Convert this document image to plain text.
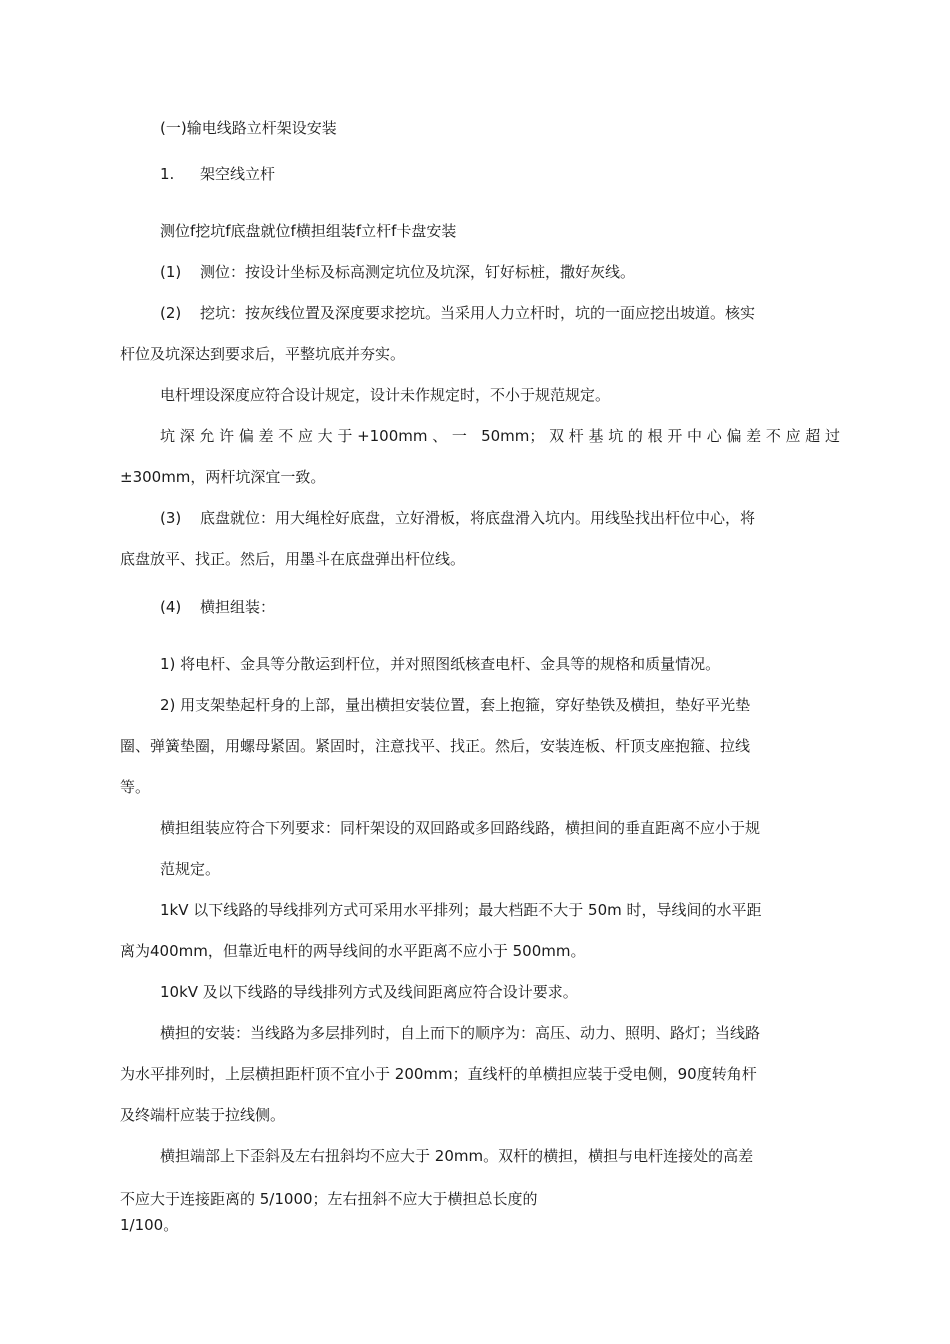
(一)输电线路立杆架设安装
1. 架空线立杆
测位f挖坑f底盘就位f横担组装f立杆f卡盘安装
(1) 测位：按设计坐标及标高测定坑位及坑深，钉好标桩，撒好灰线。
(2) 挖坑：按灰线位置及深度要求挖坑。当采用人力立杆时，坑的一面应挖出坡道。核实
杆位及坑深达到要求后，平整坑底并夯实。
电杆埋设深度应符合设计规定，设计未作规定时，不小于规范规定。
坑深允许偏差不应大于+100mm、一 50mm；双杆基坑的根开中心偏差不应超过
±300mm，两杆坑深宜一致。
(3) 底盘就位：用大绳栓好底盘，立好滑板，将底盘滑入坑内。用线坠找出杆位中心，将
底盘放平、找正。然后，用墨斗在底盘弹出杆位线。
(4) 横担组装：
1) 将电杆、金具等分散运到杆位，并对照图纸核查电杆、金具等的规格和质量情况。
2) 用支架垫起杆身的上部，量出横担安装位置，套上抱箍，穿好垫铁及横担，垫好平光垫
圈、弹簧垫圈，用螺母紧固。紧固时，注意找平、找正。然后，安装连板、杆顶支座抱箍、拉线
等。
横担组装应符合下列要求：同杆架设的双回路或多回路线路，横担间的垂直距离不应小于规
范规定。
1kV 以下线路的导线排列方式可采用水平排列；最大档距不大于 50m 时，导线间的水平距
离为400mm，但靠近电杆的两导线间的水平距离不应小于 500mm。
10kV 及以下线路的导线排列方式及线间距离应符合设计要求。
横担的安装：当线路为多层排列时，自上而下的顺序为：高压、动力、照明、路灯；当线路
为水平排列时，上层横担距杆顶不宜小于 200mm；直线杆的单横担应装于受电侧，90度转角杆
及终端杆应装于拉线侧。
横担端部上下歪斜及左右扭斜均不应大于 20mm。双杆的横担，横担与电杆连接处的高差
不应大于连接距离的 5/1000；左右扭斜不应大于横担总长度的
1/100。
